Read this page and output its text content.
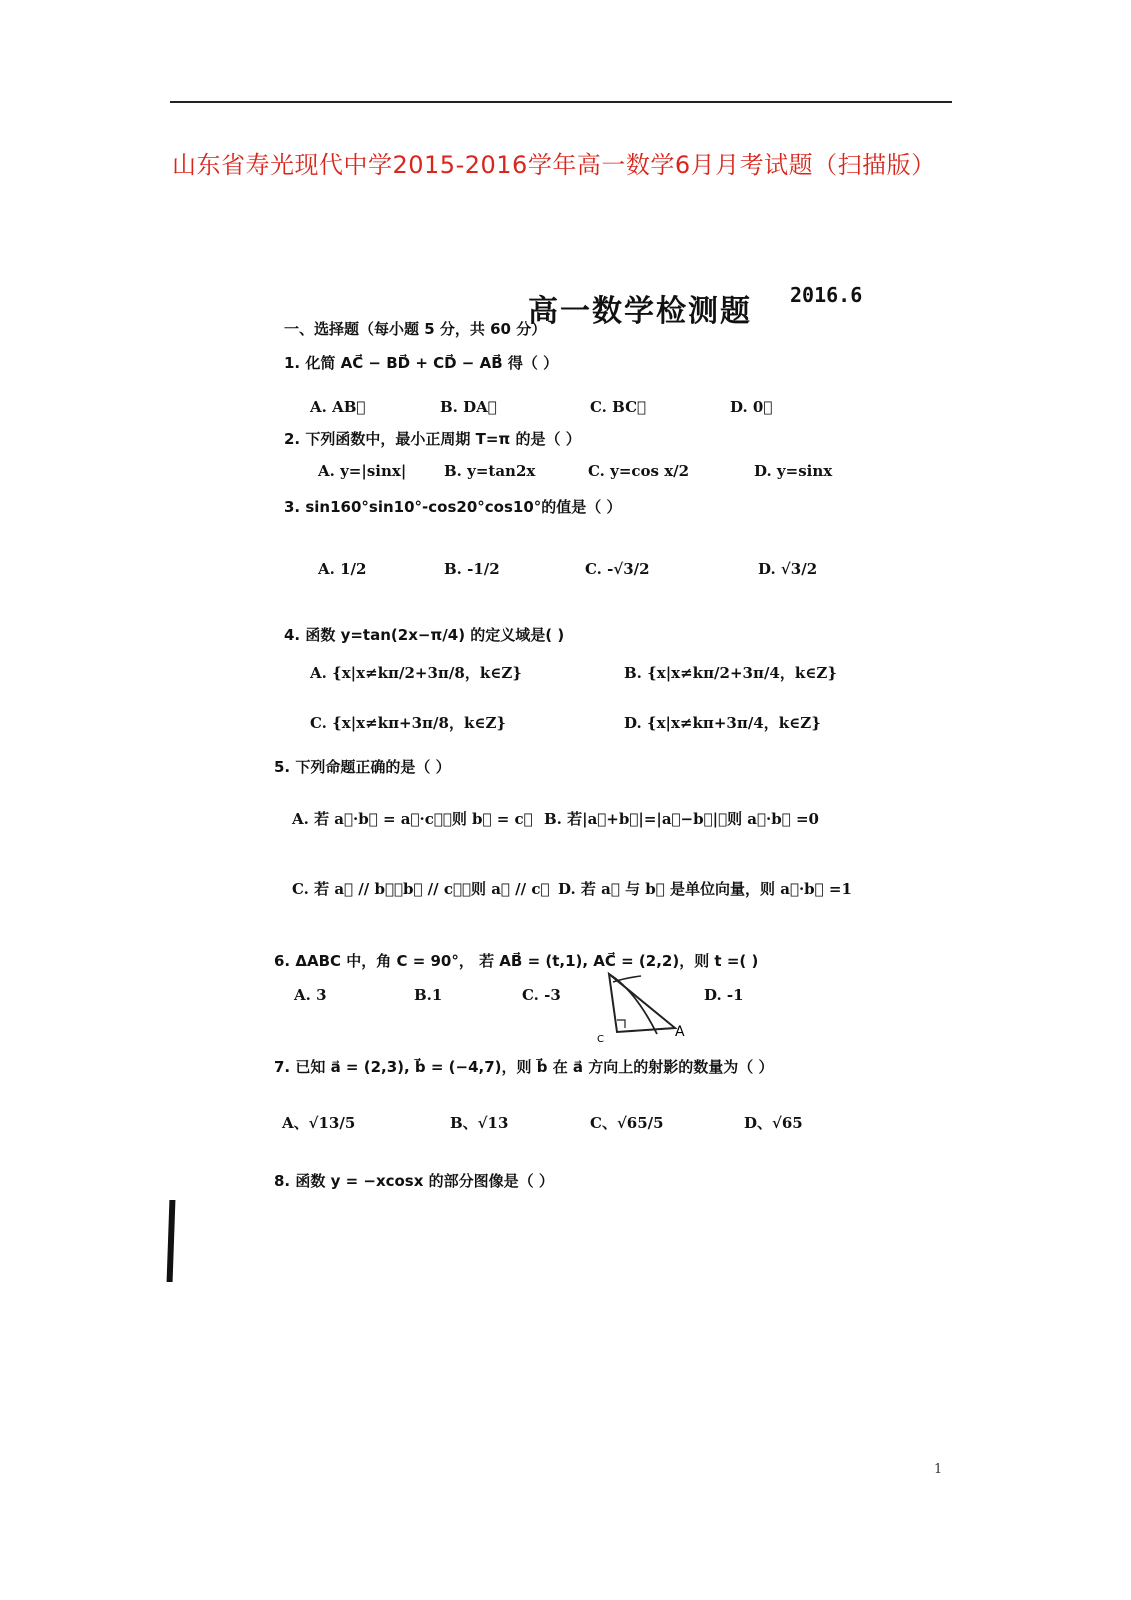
山东省寿光现代中学2015-2016学年高一数学6月月考试题（扫描版）
高一数学检测题 2016.6
一、选择题（每小题 5 分，共 60 分）
1. 化简 AC⃗ − BD⃗ + CD⃗ − AB⃗ 得（ ）
A. AB⃗	B. DA⃗	C. BC⃗	D. 0⃗
2. 下列函数中，最小正周期 T=π 的是（ ）
A. y=|sinx|	B. y=tan2x	C. y=cos x/2	D. y=sinx
3. sin160°sin10°-cos20°cos10°的值是（ ）
A. 1/2	B. -1/2	C. -√3/2	D. √3/2
4. 函数 y=tan(2x−π/4) 的定义域是( )
A. {x|x≠kπ/2+3π/8，k∈Z}	B. {x|x≠kπ/2+3π/4，k∈Z}
C. {x|x≠kπ+3π/8，k∈Z}	D. {x|x≠kπ+3π/4，k∈Z}
5. 下列命题正确的是（ ）
A. 若 a⃗·b⃗ = a⃗·c⃗，则 b⃗ = c⃗ B. 若|a⃗+b⃗|=|a⃗−b⃗|，则 a⃗·b⃗ =0
C. 若 a⃗ // b⃗，b⃗ // c⃗，则 a⃗ // c⃗ D. 若 a⃗ 与 b⃗ 是单位向量，则 a⃗·b⃗ =1
6. ΔABC 中，角 C = 90°， 若 AB⃗ = (t,1), AC⃗ = (2,2)，则 t =( )
A. 3	B.1	C. -3	D. -1
C	A
7. 已知 a⃗ = (2,3), b⃗ = (−4,7)，则 b⃗ 在 a⃗ 方向上的射影的数量为（ ）
A、√13/5	B、√13	C、√65/5	D、√65
8. 函数 y = −xcosx 的部分图像是（ ）
1
